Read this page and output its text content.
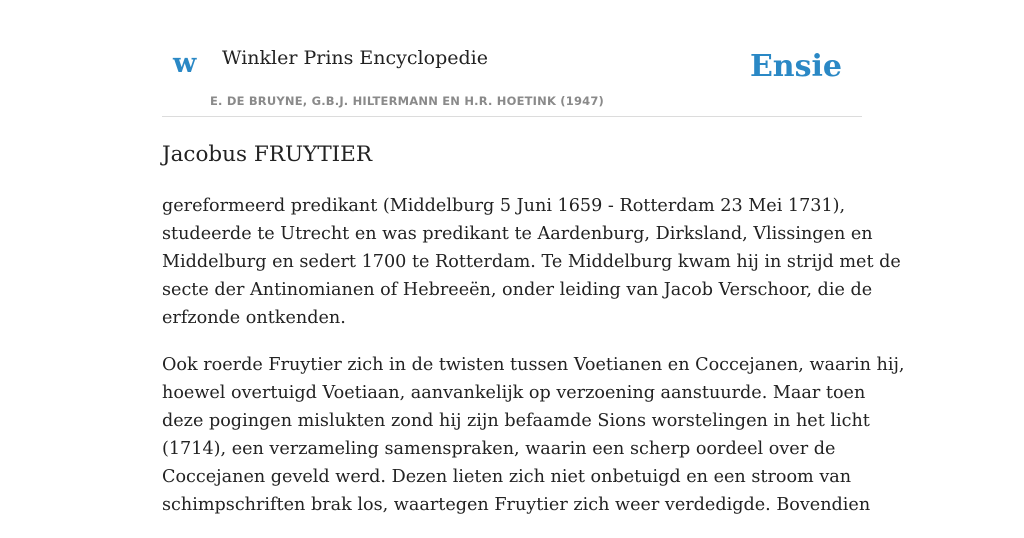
w Winkler Prins Encyclopedie
E. DE BRUYNE, G.B.J. HILTERMANN EN H.R. HOETINK (1947)
Ensie
Jacobus FRUYTIER

gereformeerd predikant (Middelburg 5 Juni 1659 - Rotterdam 23 Mei 1731),
studeerde te Utrecht en was predikant te Aardenburg, Dirksland, Vlissingen en
Middelburg en sedert 1700 te Rotterdam. Te Middelburg kwam hij in strijd met de
secte der Antinomianen of Hebreeën, onder leiding van Jacob Verschoor, die de
erfzonde ontkenden.

Ook roerde Fruytier zich in de twisten tussen Voetianen en Coccejanen, waarin hij,
hoewel overtuigd Voetiaan, aanvankelijk op verzoening aanstuurde. Maar toen
deze pogingen mislukten zond hij zijn befaamde Sions worstelingen in het licht
(1714), een verzameling samenspraken, waarin een scherp oordeel over de
Coccejanen geveld werd. Dezen lieten zich niet onbetuigd en een stroom van
schimpschriften brak los, waartegen Fruytier zich weer verdedigde. Bovendien
